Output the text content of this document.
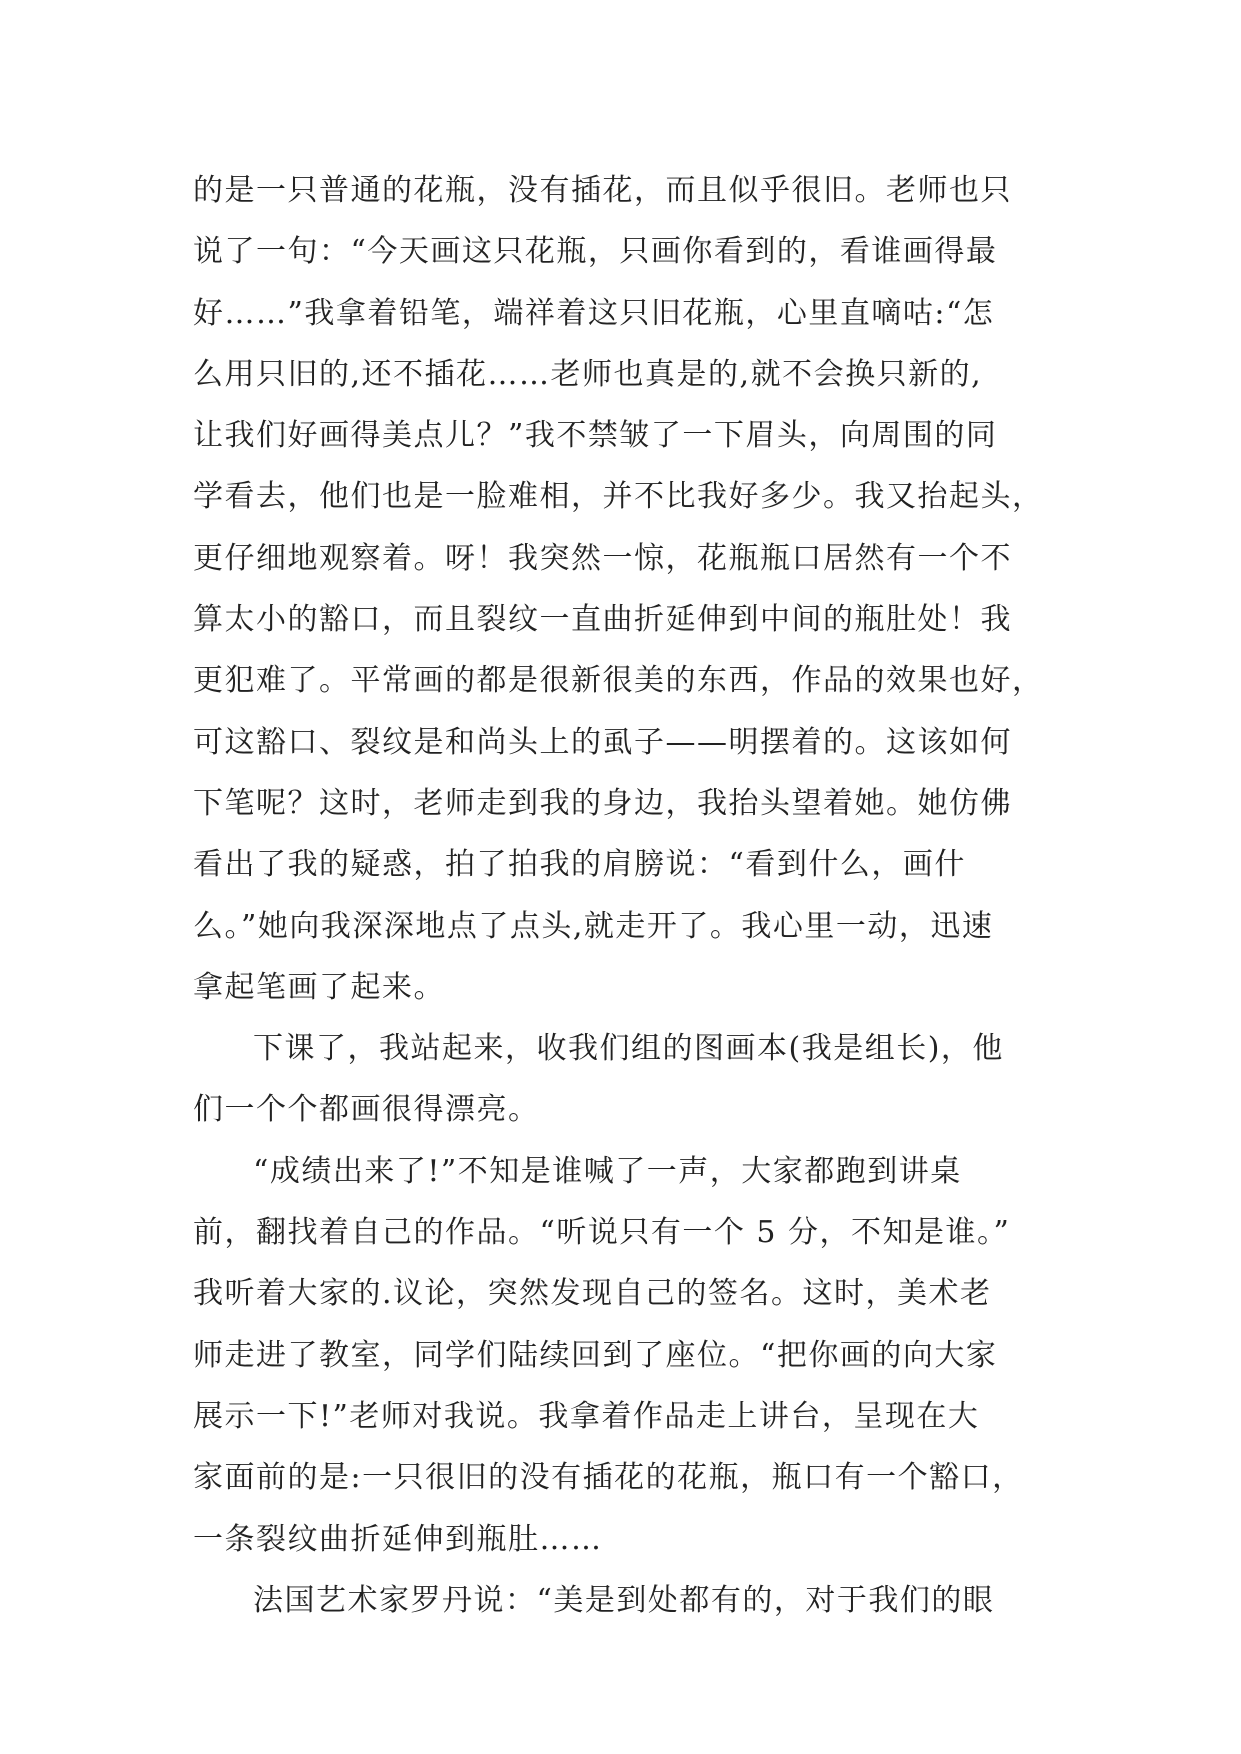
的是一只普通的花瓶，没有插花，而且似乎很旧。老师也只
说了一句：“今天画这只花瓶，只画你看到的，看谁画得最
好……”我拿着铅笔，端祥着这只旧花瓶，心里直嘀咕:“怎
么用只旧的,还不插花……老师也真是的,就不会换只新的,
让我们好画得美点儿？”我不禁皱了一下眉头，向周围的同
学看去，他们也是一脸难相，并不比我好多少。我又抬起头，
更仔细地观察着。呀！我突然一惊，花瓶瓶口居然有一个不
算太小的豁口，而且裂纹一直曲折延伸到中间的瓶肚处！我
更犯难了。平常画的都是很新很美的东西，作品的效果也好，
可这豁口、裂纹是和尚头上的虱子——明摆着的。这该如何
下笔呢？这时，老师走到我的身边，我抬头望着她。她仿佛
看出了我的疑惑，拍了拍我的肩膀说：“看到什么，画什
么。”她向我深深地点了点头,就走开了。我心里一动，迅速
拿起笔画了起来。
下课了，我站起来，收我们组的图画本(我是组长)，他
们一个个都画很得漂亮。
“成绩出来了!”不知是谁喊了一声，大家都跑到讲桌
前，翻找着自己的作品。“听说只有一个 5 分，不知是谁。”
我听着大家的.议论，突然发现自己的签名。这时，美术老
师走进了教室，同学们陆续回到了座位。“把你画的向大家
展示一下!”老师对我说。我拿着作品走上讲台，呈现在大
家面前的是:一只很旧的没有插花的花瓶，瓶口有一个豁口，
一条裂纹曲折延伸到瓶肚……
法国艺术家罗丹说：“美是到处都有的，对于我们的眼
